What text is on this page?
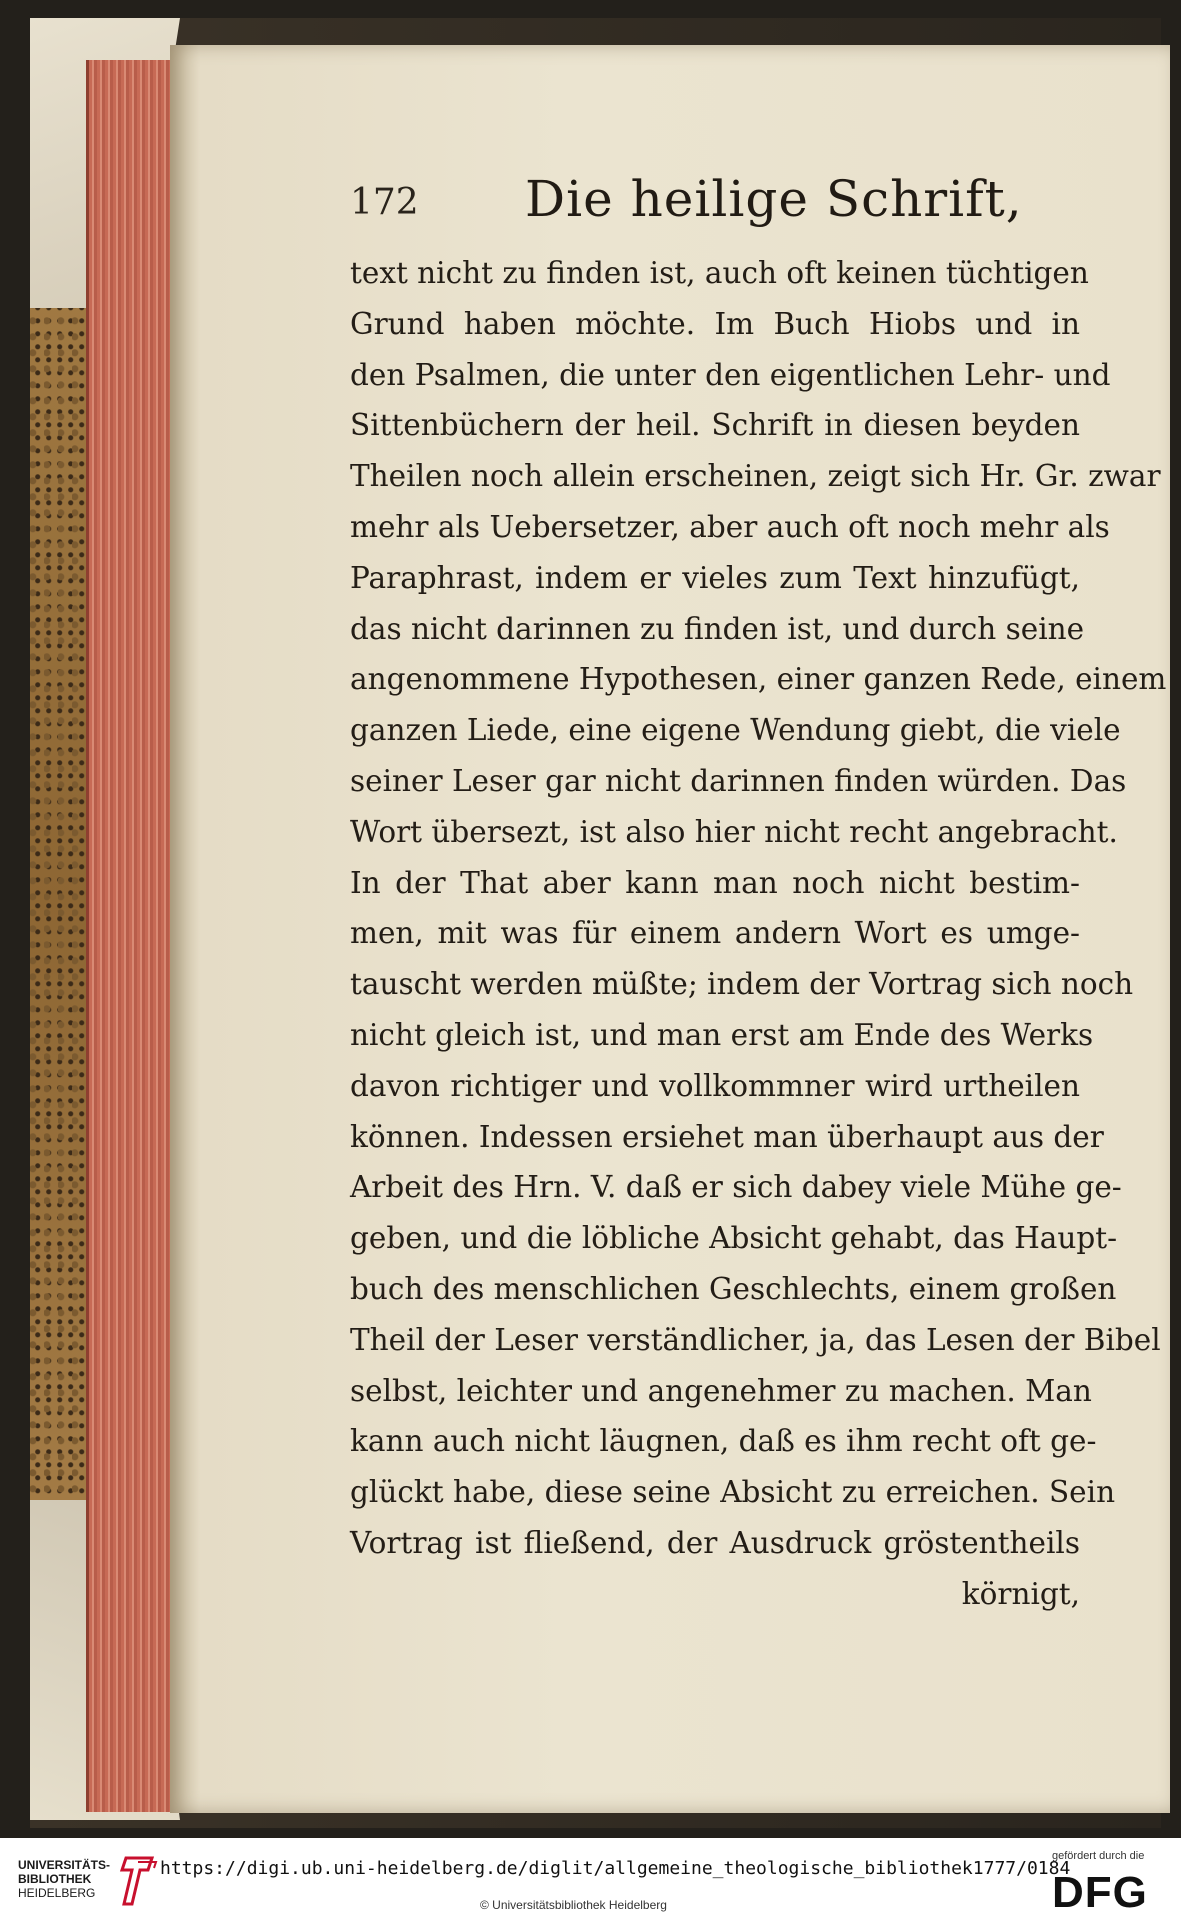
172 Die heilige Schrift,
text nicht zu finden ist, auch oft keinen tüchtigen
Grund haben möchte. Im Buch Hiobs und in
den Psalmen, die unter den eigentlichen Lehr- und
Sittenbüchern der heil. Schrift in diesen beyden
Theilen noch allein erscheinen, zeigt sich Hr. Gr. zwar
mehr als Uebersetzer, aber auch oft noch mehr als
Paraphrast, indem er vieles zum Text hinzufügt,
das nicht darinnen zu finden ist, und durch seine
angenommene Hypothesen, einer ganzen Rede, einem
ganzen Liede, eine eigene Wendung giebt, die viele
seiner Leser gar nicht darinnen finden würden. Das
Wort übersezt, ist also hier nicht recht angebracht.
In der That aber kann man noch nicht bestim-
men, mit was für einem andern Wort es umge-
tauscht werden müßte; indem der Vortrag sich noch
nicht gleich ist, und man erst am Ende des Werks
davon richtiger und vollkommner wird urtheilen
können. Indessen ersiehet man überhaupt aus der
Arbeit des Hrn. V. daß er sich dabey viele Mühe ge-
geben, und die löbliche Absicht gehabt, das Haupt-
buch des menschlichen Geschlechts, einem großen
Theil der Leser verständlicher, ja, das Lesen der Bibel
selbst, leichter und angenehmer zu machen. Man
kann auch nicht läugnen, daß es ihm recht oft ge-
glückt habe, diese seine Absicht zu erreichen. Sein
Vortrag ist fließend, der Ausdruck gröstentheils
körnigt,
UNIVERSITÄTS-
BIBLIOTHEK
HEIDELBERG
https://digi.ub.uni-heidelberg.de/diglit/allgemeine_theologische_bibliothek1777/0184
© Universitätsbibliothek Heidelberg
gefördert durch die
DFG
